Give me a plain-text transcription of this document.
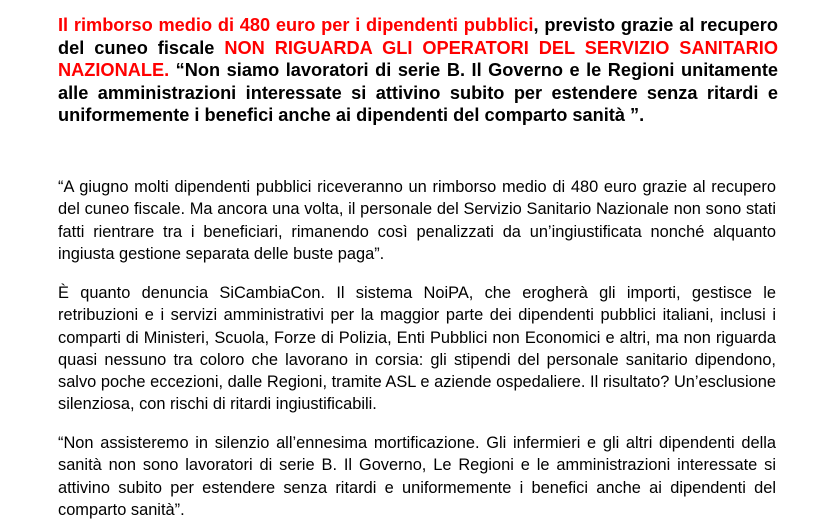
Il rimborso medio di 480 euro per i dipendenti pubblici, previsto grazie al recupero del cuneo fiscale NON RIGUARDA GLI OPERATORI DEL SERVIZIO SANITARIO NAZIONALE. “Non siamo lavoratori di serie B. Il Governo e le Regioni unitamente alle amministrazioni interessate si attivino subito per estendere senza ritardi e uniformemente i benefici anche ai dipendenti del comparto sanità ”.

“A giugno molti dipendenti pubblici riceveranno un rimborso medio di 480 euro grazie al recupero del cuneo fiscale. Ma ancora una volta, il personale del Servizio Sanitario Nazionale non sono stati fatti rientrare tra i beneficiari, rimanendo così penalizzati da un’ingiustificata nonché alquanto ingiusta gestione separata delle buste paga”.

È quanto denuncia SiCambiaCon. Il sistema NoiPA, che erogherà gli importi, gestisce le retribuzioni e i servizi amministrativi per la maggior parte dei dipendenti pubblici italiani, inclusi i comparti di Ministeri, Scuola, Forze di Polizia, Enti Pubblici non Economici e altri, ma non riguarda quasi nessuno tra coloro che lavorano in corsia: gli stipendi del personale sanitario dipendono, salvo poche eccezioni, dalle Regioni, tramite ASL e aziende ospedaliere. Il risultato? Un’esclusione silenziosa, con rischi di ritardi ingiustificabili.

“Non assisteremo in silenzio all’ennesima mortificazione. Gli infermieri e gli altri dipendenti della sanità non sono lavoratori di serie B. Il Governo, Le Regioni e le amministrazioni interessate si attivino subito per estendere senza ritardi e uniformemente i benefici anche ai dipendenti del comparto sanità”.
